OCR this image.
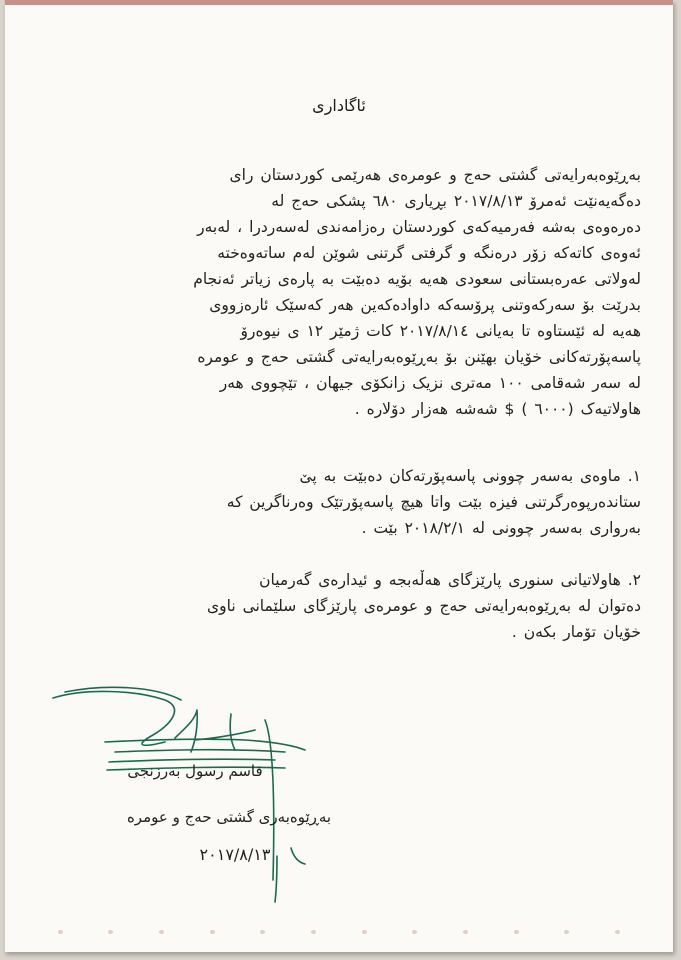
ئاگاداری
بەڕێوەبەرایەتی گشتی حەج و عومرەی هەرێمی کوردستان رای
دەگەیەنێت ئەمرۆ ٢٠١٧/٨/١٣ بڕیاری ٦٨٠ پشکی حەج لە
دەرەوەی بەشە فەرمیەکەی کوردستان رەزامەندی لەسەردرا ، لەبەر
ئەوەی کاتەکە زۆر درەنگە و گرفتی گرتنی شوێن لەم ساتەوەختە
لەولاتی عەرەبستانی سعودی هەیە بۆیە دەبێت بە پارەی زیاتر ئەنجام
بدرێت بۆ سەرکەوتنی پرۆسەکە داوادەکەین هەر کەسێک ئارەزووی
هەیە لە ئێستاوە تا بەیانی ٢٠١٧/٨/١٤ کات ژمێر ١٢ ی نیوەرۆ
پاسەپۆرتەکانی خۆیان بهێنن بۆ بەڕێوەبەرایەتی گشتی حەج و عومرە
لە سەر شەقامی ١٠٠ مەتری نزیک زانکۆی جیهان ، تێچووی هەر
هاولاتیەک (٦٠٠٠ ) $ شەشە هەزار دۆلارە .
١. ماوەی بەسەر چوونی پاسەپۆرتەکان دەبێت بە پێ
ستاندەرپوەرگرتنی فیزە بێت واتا هیچ پاسەپۆرتێک وەرناگرین کە
بەرواری بەسەر چوونی لە ٢٠١٨/٢/١ بێت .
٢. هاولاتیانی سنوری پارێزگای هەڵەبجە و ئیدارەی گەرمیان
دەتوان لە بەڕێوەبەرایەتی حەج و عومرەی پارێزگای سلێمانی ناوی
خۆیان تۆمار بکەن .
قاسم رسول بەرزنجی
بەڕێوەبەری گشتی حەج و عومرە
٢٠١٧/٨/١٣
